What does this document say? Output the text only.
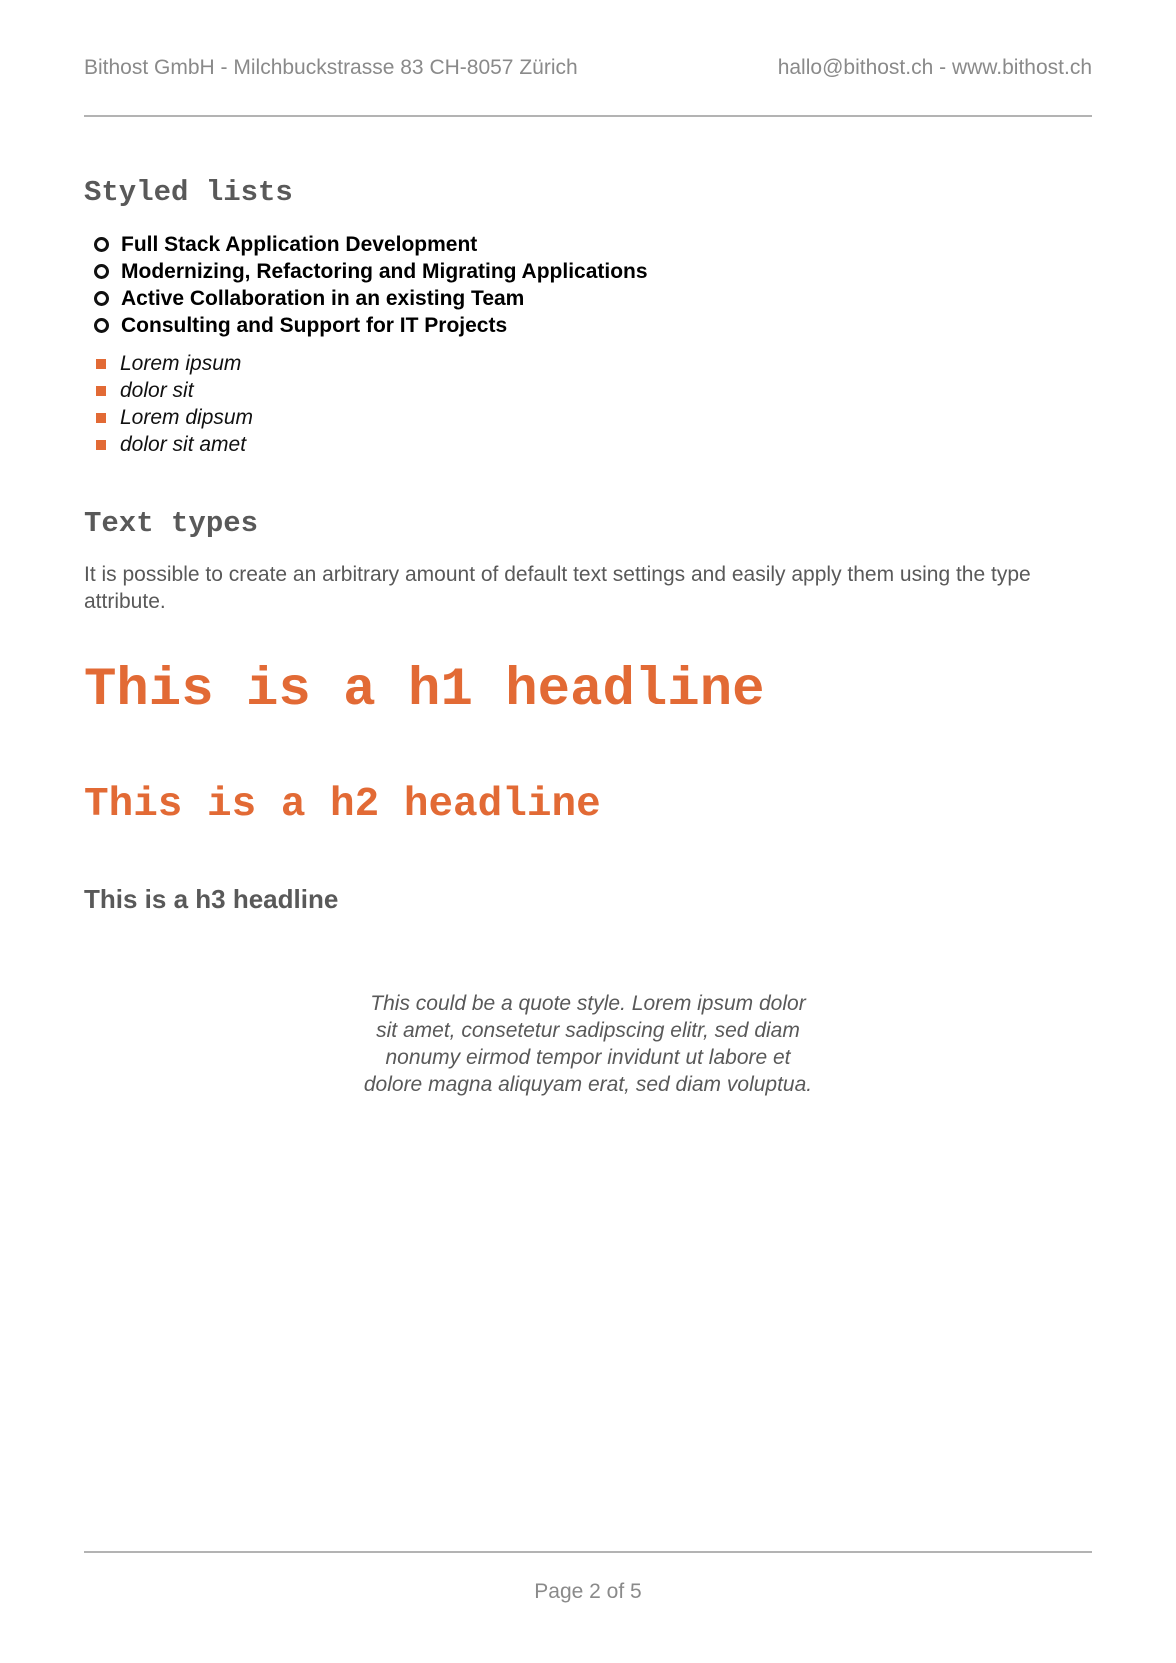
Bithost GmbH - Milchbuckstrasse 83 CH-8057 Zürich	hallo@bithost.ch - www.bithost.ch
Styled lists
Full Stack Application Development
Modernizing, Refactoring and Migrating Applications
Active Collaboration in an existing Team
Consulting and Support for IT Projects
Lorem ipsum
dolor sit
Lorem dipsum
dolor sit amet
Text types

It is possible to create an arbitrary amount of default text settings and easily apply them using the type attribute.

This is a h1 headline
This is a h2 headline
This is a h3 headline

This could be a quote style. Lorem ipsum dolor sit amet, consetetur sadipscing elitr, sed diam nonumy eirmod tempor invidunt ut labore et dolore magna aliquyam erat, sed diam voluptua.

Page 2 of 5
